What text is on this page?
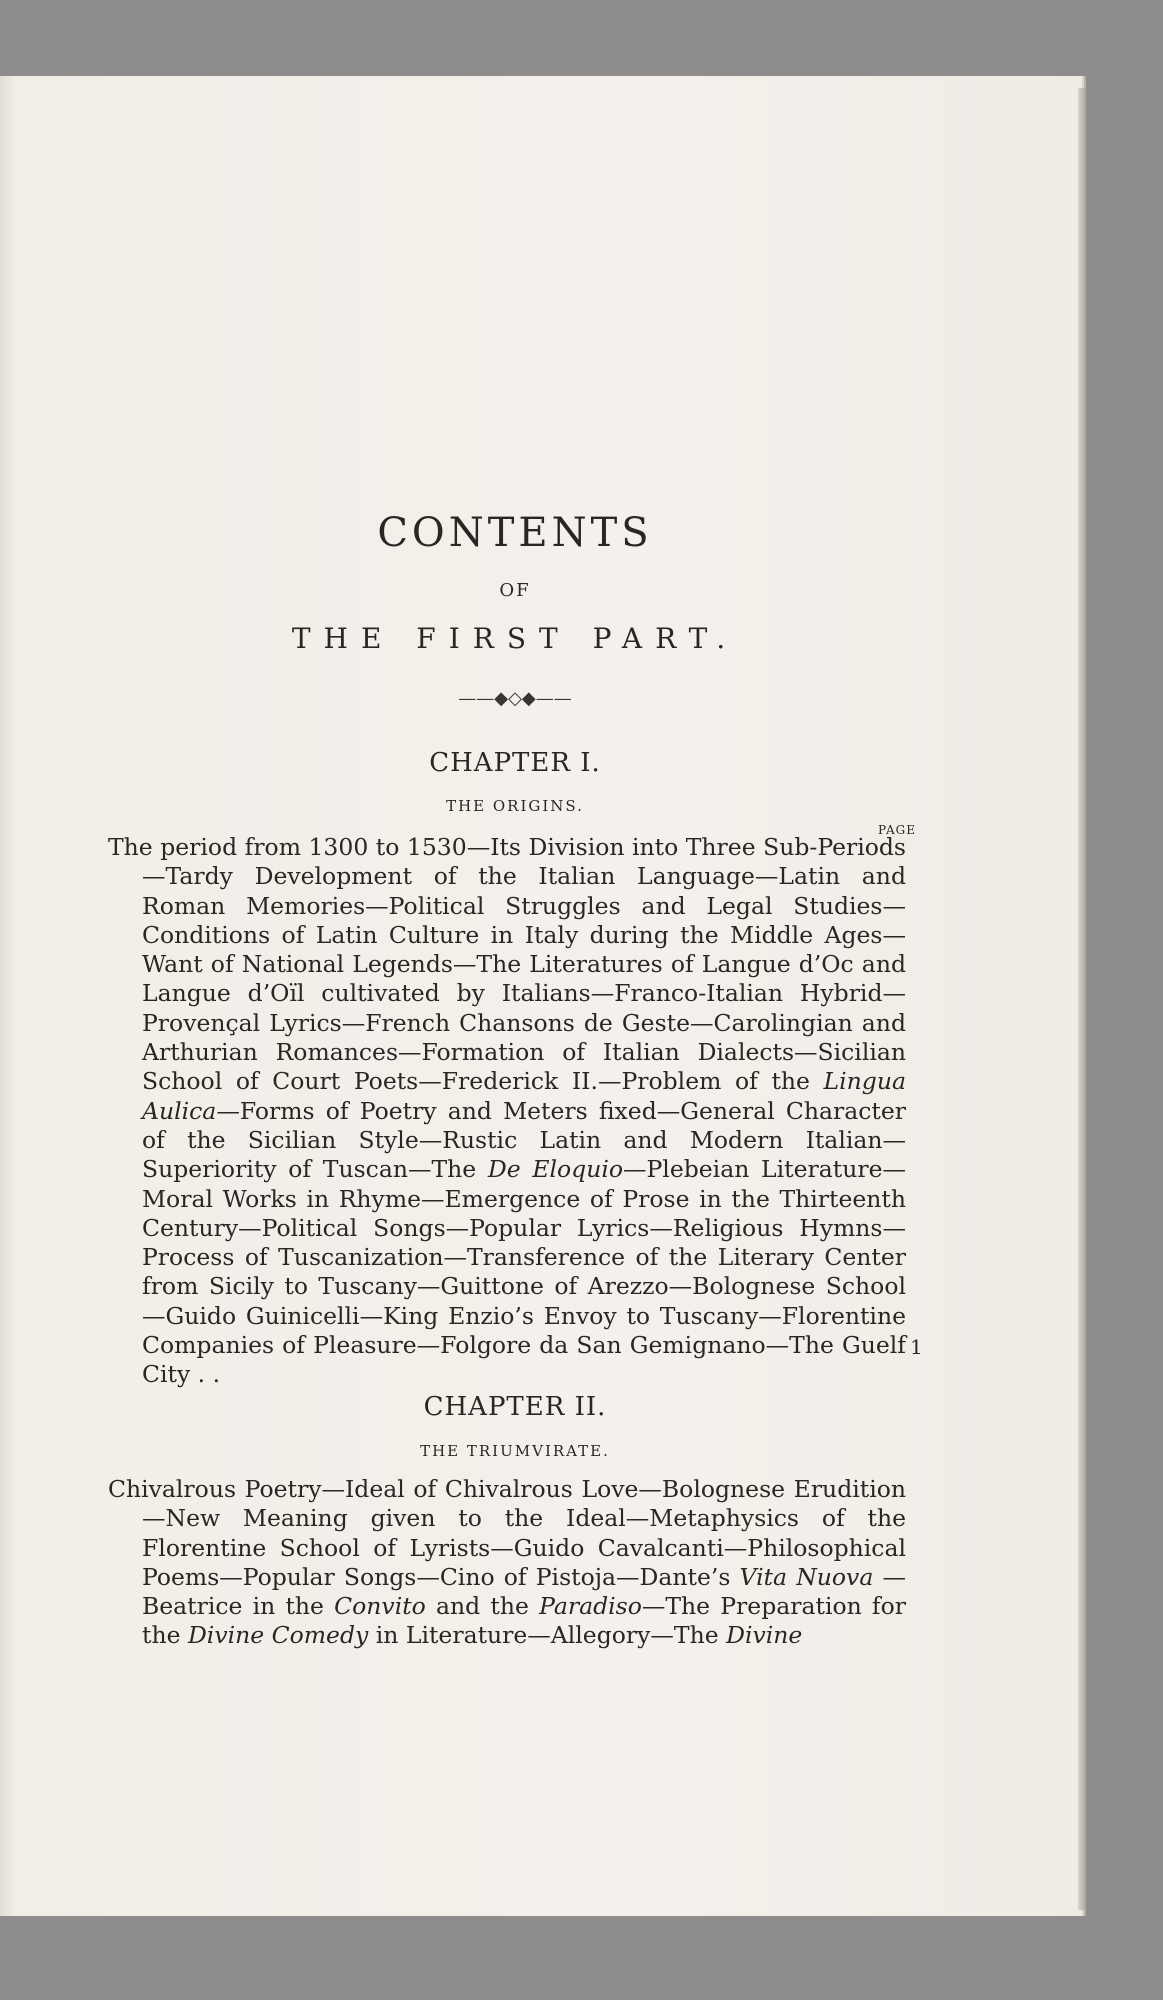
CONTENTS
OF
THE FIRST PART.
——◆◇◆——
CHAPTER I.
THE ORIGINS.
PAGE
The period from 1300 to 1530—Its Division into Three Sub-Periods—Tardy Development of the Italian Language—Latin and Roman Memories—Political Struggles and Legal Studies—Conditions of Latin Culture in Italy during the Middle Ages—Want of National Legends—The Literatures of Langue d’Oc and Langue d’Oïl cultivated by Italians—Franco-Italian Hybrid—Provençal Lyrics—French Chansons de Geste—Carolingian and Arthurian Romances—Formation of Italian Dialects—Sicilian School of Court Poets—Frederick II.—Problem of the Lingua Aulica—Forms of Poetry and Meters fixed—General Character of the Sicilian Style—Rustic Latin and Modern Italian—Superiority of Tuscan—The De Eloquio—Plebeian Literature—Moral Works in Rhyme—Emergence of Prose in the Thirteenth Century—Political Songs—Popular Lyrics—Religious Hymns—Process of Tuscanization—Transference of the Literary Center from Sicily to Tuscany—Guittone of Arezzo—Bolognese School—Guido Guinicelli—King Enzio’s Envoy to Tuscany—Florentine Companies of Pleasure—Folgore da San Gemignano—The Guelf City . .
1
CHAPTER II.
THE TRIUMVIRATE.
Chivalrous Poetry—Ideal of Chivalrous Love—Bolognese Erudition—New Meaning given to the Ideal—Metaphysics of the Florentine School of Lyrists—Guido Cavalcanti—Philosophical Poems—Popular Songs—Cino of Pistoja—Dante’s Vita Nuova —Beatrice in the Convito and the Paradiso—The Preparation for the Divine Comedy in Literature—Allegory—The Divine
